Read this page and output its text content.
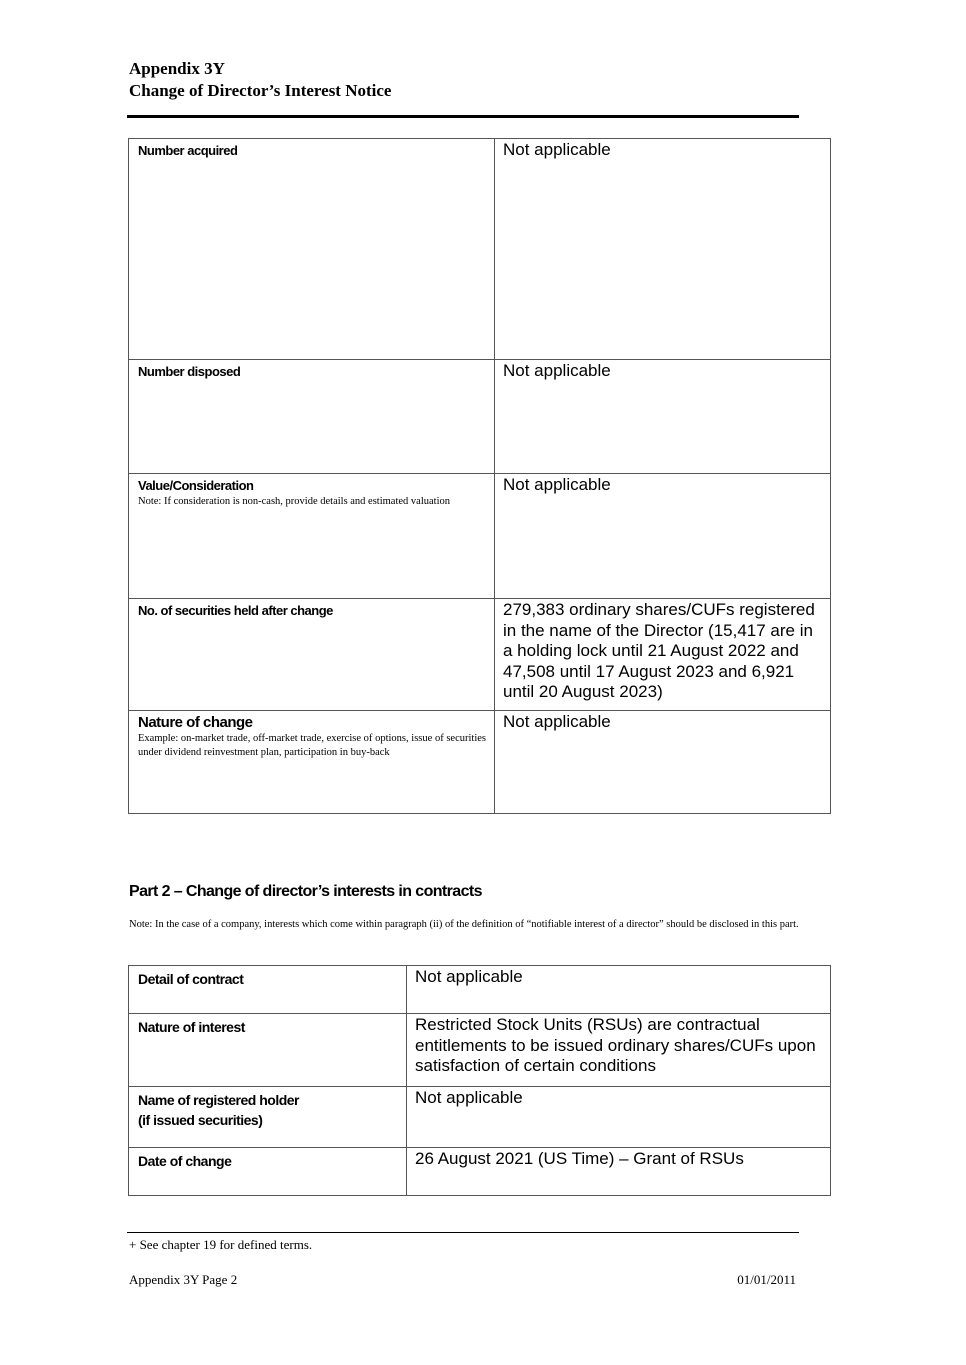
Appendix 3Y
Change of Director’s Interest Notice
Number acquired	Not applicable

Number disposed	Not applicable

Value/Consideration
Note: If consideration is non-cash, provide details and estimated valuation	Not applicable

No. of securities held after change	279,383 ordinary shares/CUFs registered in the name of the Director (15,417 are in a holding lock until 21 August 2022 and 47,508 until 17 August 2023 and 6,921 until 20 August 2023)

Nature of change
Example: on-market trade, off-market trade, exercise of options, issue of securities under dividend reinvestment plan, participation in buy-back	Not applicable
Part 2 – Change of director’s interests in contracts
Note: In the case of a company, interests which come within paragraph (ii) of the definition of “notifiable interest of a director” should be disclosed in this part.
Detail of contract	Not applicable

Nature of interest	Restricted Stock Units (RSUs) are contractual entitlements to be issued ordinary shares/CUFs upon satisfaction of certain conditions

Name of registered holder
(if issued securities)	Not applicable

Date of change	26 August 2021 (US Time) – Grant of RSUs
+ See chapter 19 for defined terms.
Appendix 3Y Page 2	01/01/2011
